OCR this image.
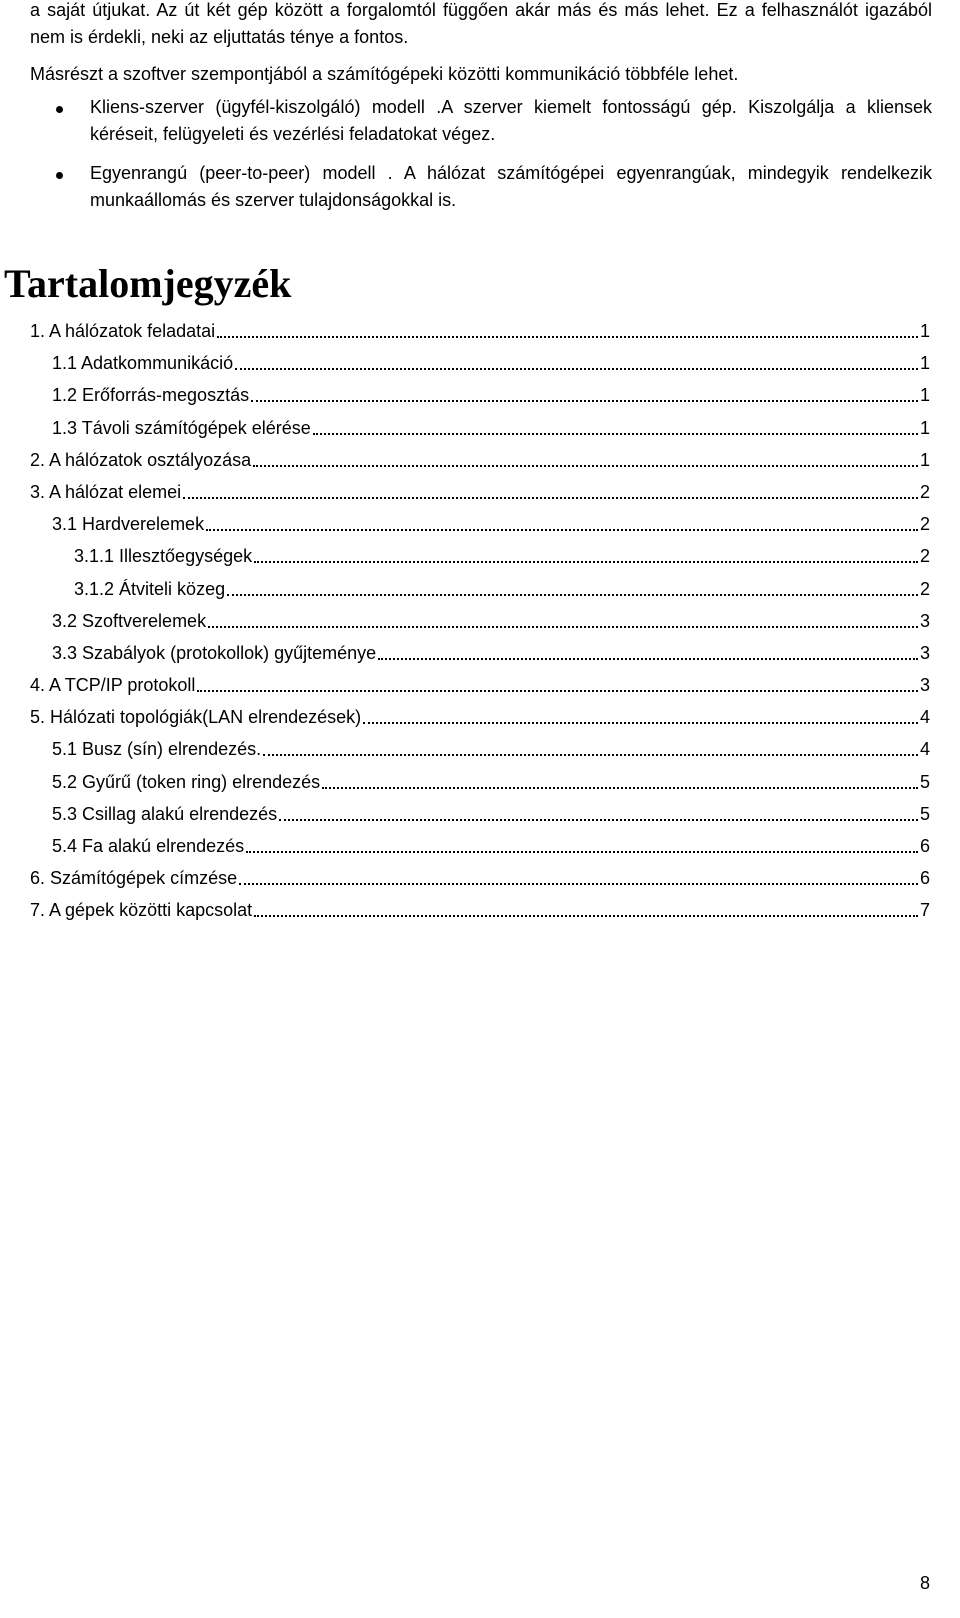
a saját útjukat. Az út két gép között a forgalomtól függően akár más és más lehet. Ez a felhasználót igazából nem is érdekli, neki az eljuttatás ténye a fontos.

Másrészt a szoftver szempontjából a számítógépeki közötti kommunikáció többféle lehet.

Kliens-szerver (ügyfél-kiszolgáló) modell .A szerver kiemelt fontosságú gép. Kiszolgálja a kliensek kéréseit, felügyeleti és vezérlési feladatokat végez.
Egyenrangú (peer-to-peer) modell . A hálózat számítógépei egyenrangúak, mindegyik rendelkezik munkaállomás és szerver tulajdonságokkal is.
Tartalomjegyzék
1. A hálózatok feladatai	1
1.1 Adatkommunikáció	1
1.2 Erőforrás-megosztás	1
1.3 Távoli számítógépek elérése	1
2. A hálózatok osztályozása	1
3. A hálózat elemei	2
3.1 Hardverelemek	2
3.1.1 Illesztőegységek	2
3.1.2 Átviteli közeg	2
3.2 Szoftverelemek	3
3.3 Szabályok (protokollok) gyűjteménye	3
4. A TCP/IP protokoll	3
5. Hálózati topológiák(LAN elrendezések)	4
5.1 Busz (sín) elrendezés.	4
5.2 Gyűrű (token ring) elrendezés	5
5.3 Csillag alakú elrendezés	5
5.4 Fa alakú elrendezés	6
6. Számítógépek címzése	6
7. A gépek közötti kapcsolat	7
8
